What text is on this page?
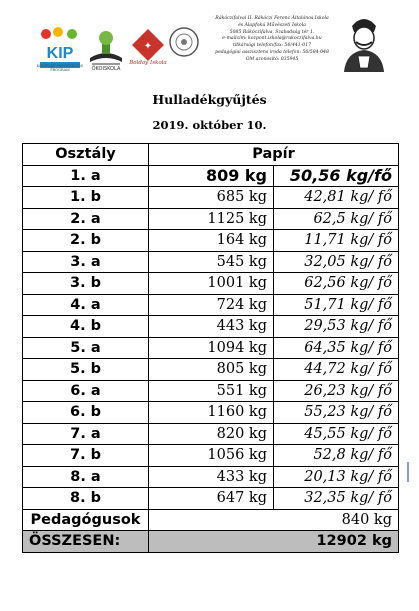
KIP
KOMPLEX INSTRUKCIÓS PROGRAM	ÖKOISKOLA
✦
Bolday Iskola
Rákóczifalvai II. Rákóczi Ferenc Általános Iskola
és Alapfokú Művészeti Iskola
5085 Rákóczifalva, Szabadság tér 1.
e-mailcím: kozpont.iskola@rakoczifalva.hu
titkársági telefon/fax: 56/441-017
pedagógiai asszisztens iroda telefon: 56/584-048
OM azonosító: 035945
Hulladékgyűjtés
2019. október 10.
Osztály	Papír	
1. a	809 kg	50,56 kg/fő
1. b	685 kg	42,81 kg/ fő
2. a	1125 kg	62,5 kg/ fő
2. b	164 kg	11,71 kg/ fő
3. a	545 kg	32,05 kg/ fő
3. b	1001 kg	62,56 kg/ fő
4. a	724 kg	51,71 kg/ fő
4. b	443 kg	29,53 kg/ fő
5. a	1094 kg	64,35 kg/ fő
5. b	805 kg	44,72 kg/ fő
6. a	551 kg	26,23 kg/ fő
6. b	1160 kg	55,23 kg/ fő
7. a	820 kg	45,55 kg/ fő
7. b	1056 kg	52,8 kg/ fő
8. a	433 kg	20,13 kg/ fő
8. b	647 kg	32,35 kg/ fő
Pedagógusok	840 kg	
ÖSSZESEN:	12902 kg	
